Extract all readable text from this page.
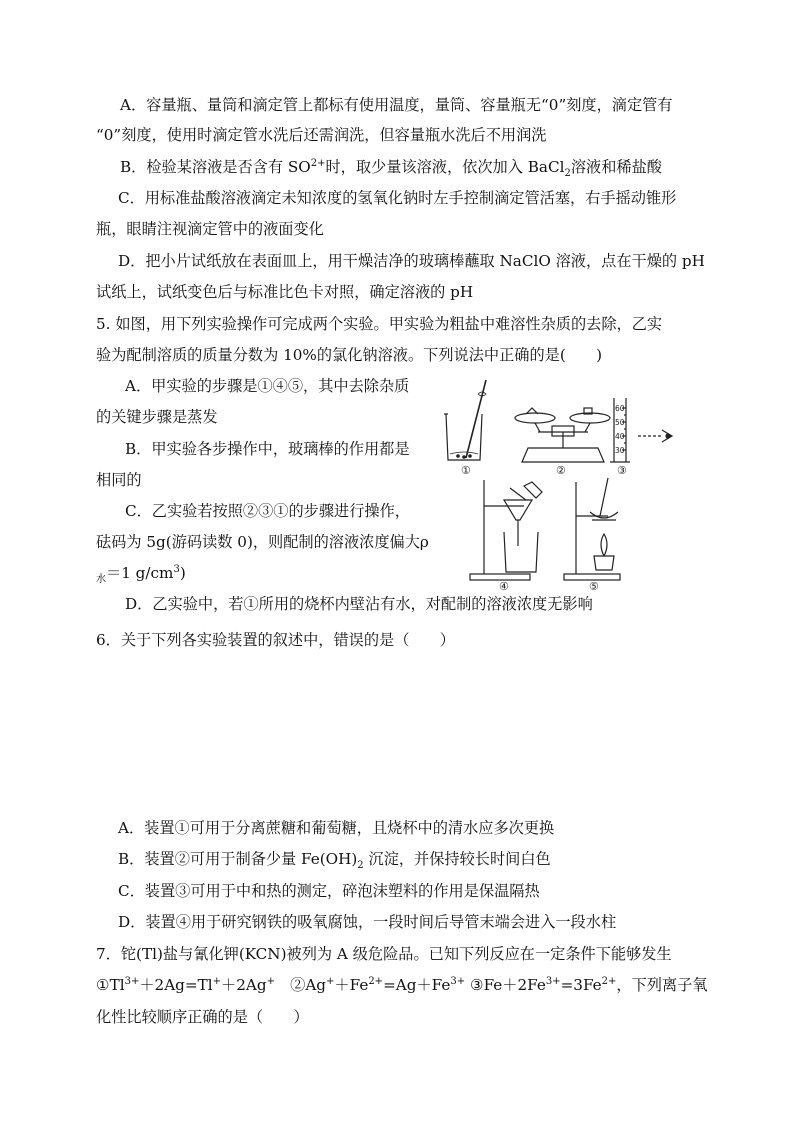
A．容量瓶、量筒和滴定管上都标有使用温度，量筒、容量瓶无“0”刻度，滴定管有
“0”刻度，使用时滴定管水洗后还需润洗，但容量瓶水洗后不用润洗
B．检验某溶液是否含有 $SO^{2+}$时，取少量该溶液，依次加入 BaCl$_2$溶液和稀盐酸
C．用标准盐酸溶液滴定未知浓度的氢氧化钠时左手控制滴定管活塞，右手摇动锥形
瓶，眼睛注视滴定管中的液面变化
D．把小片试纸放在表面皿上，用干燥洁净的玻璃棒蘸取 NaClO 溶液，点在干燥的 pH
试纸上，试纸变色后与标准比色卡对照，确定溶液的 pH
5. 如图，用下列实验操作可完成两个实验。甲实验为粗盐中难溶性杂质的去除，乙实
验为配制溶质的质量分数为 10%的氯化钠溶液。下列说法中正确的是(　　)
A．甲实验的步骤是①④⑤，其中去除杂质
的关键步骤是蒸发
B．甲实验各步操作中，玻璃棒的作用都是
相同的
C．乙实验若按照②③①的步骤进行操作，
砝码为 5g(游码读数 0)，则配制的溶液浓度偏大ρ
$_水$＝1 $g/cm^3$)
D．乙实验中，若①所用的烧杯内壁沾有水，对配制的溶液浓度无影响
①	②	③
④	⑤
60
50
40
30
6．关于下列各实验装置的叙述中，错误的是（　　）
A．装置①可用于分离蔗糖和葡萄糖，且烧杯中的清水应多次更换
B．装置②可用于制备少量 $Fe(OH)_2$ 沉淀，并保持较长时间白色
C．装置③可用于中和热的测定，碎泡沫塑料的作用是保温隔热
D．装置④用于研究钢铁的吸氧腐蚀，一段时间后导管末端会进入一段水柱
7．铊(Tl)盐与氰化钾(KCN)被列为 A 级危险品。已知下列反应在一定条件下能够发生
$①Tl^{3+}+2Ag=Tl^++2Ag^+$　$②Ag^++Fe^{2+}=Ag+Fe^{3+}$ $③Fe+2Fe^{3+}=3Fe^{2+}$，下列离子氧
化性比较顺序正确的是（　　）
